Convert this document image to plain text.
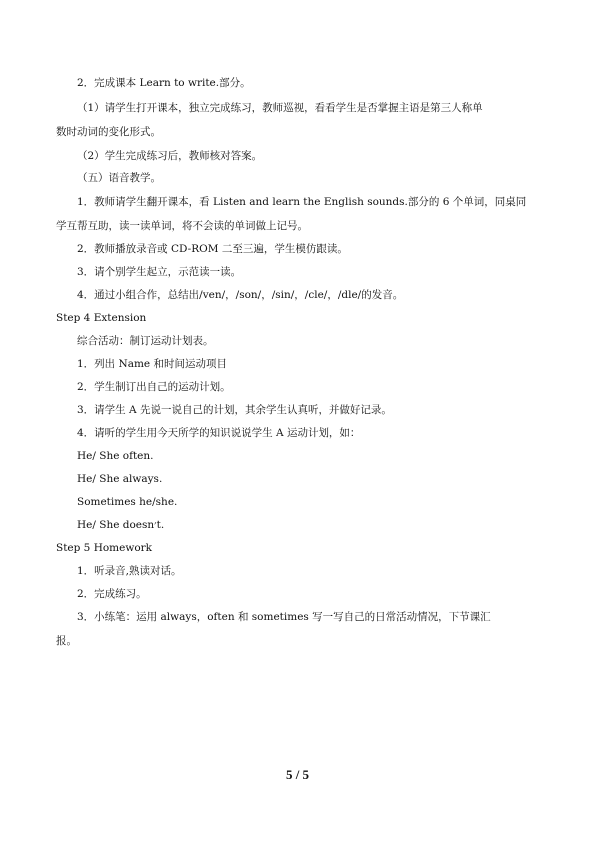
2．完成课本 Learn to write.部分。
（1）请学生打开课本，独立完成练习，教师巡视，看看学生是否掌握主语是第三人称单
数时动词的变化形式。
（2）学生完成练习后，教师核对答案。
（五）语音教学。
1．教师请学生翻开课本，看 Listen and learn the English sounds.部分的 6 个单词，同桌同
学互帮互助，读一读单词，将不会读的单词做上记号。
2．教师播放录音或 CD-ROM 二至三遍，学生模仿跟读。
3．请个别学生起立，示范读一读。
4．通过小组合作，总结出/ven/，/son/，/sin/，/cle/，/dle/的发音。
Step 4 Extension
综合活动：制订运动计划表。
1．列出 Name 和时间运动项目
2．学生制订出自己的运动计划。
3．请学生 A 先说一说自己的计划，其余学生认真听，并做好记录。
4．请听的学生用今天所学的知识说说学生 A 运动计划，如：
He/ She often.
He/ She always.
Sometimes he/she.
He/ She doesn׳t.
Step 5 Homework
1．听录音,熟读对话。
2．完成练习。
3．小练笔：运用 always，often 和 sometimes 写一写自己的日常活动情况，下节课汇
报。
5 / 5
